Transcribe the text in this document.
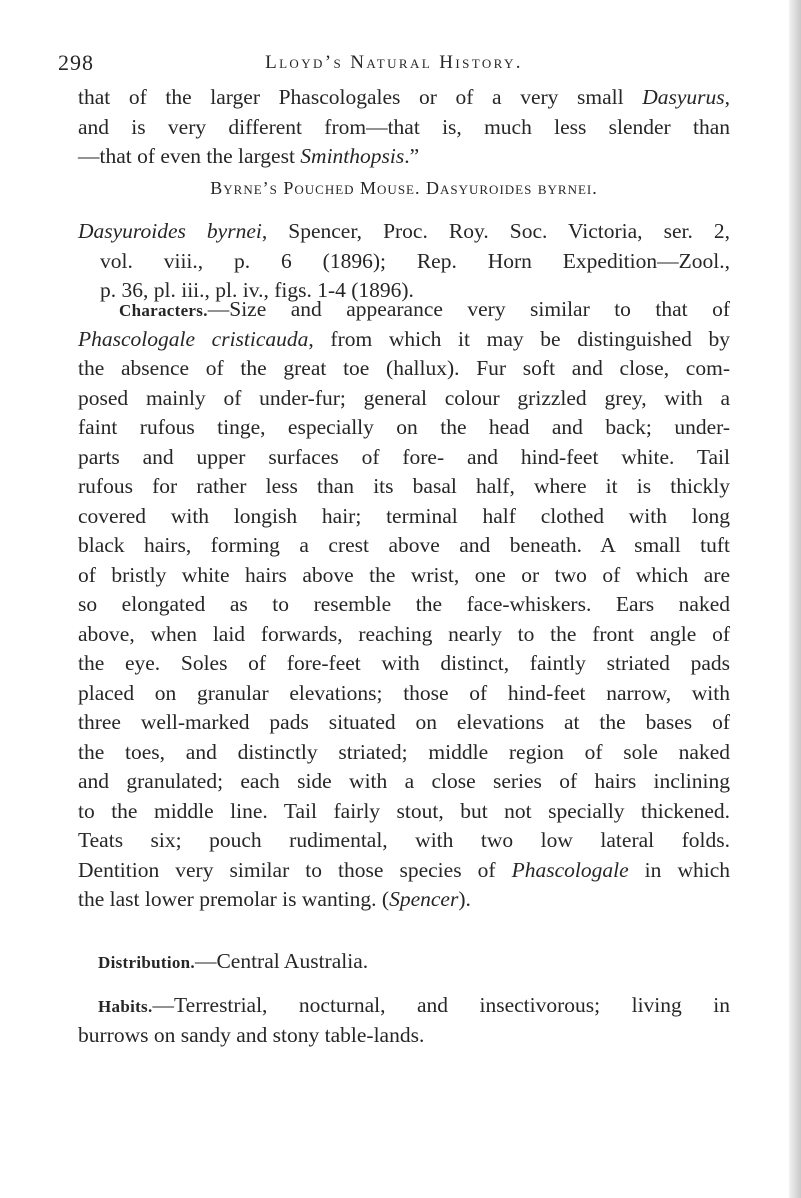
298	Lloyd’s Natural History.
that of the larger Phascologales or of a very small Dasyurus,
and is very different from—that is, much less slender than
—that of even the largest Sminthopsis.”
Byrne’s Pouched Mouse. Dasyuroides byrnei.
Dasyuroides byrnei, Spencer, Proc. Roy. Soc. Victoria, ser. 2,
vol. viii., p. 6 (1896); Rep. Horn Expedition—Zool.,
p. 36, pl. iii., pl. iv., figs. 1-4 (1896).
Characters.—Size and appearance very similar to that of
Phascologale cristicauda, from which it may be distinguished by
the absence of the great toe (hallux). Fur soft and close, com-
posed mainly of under-fur; general colour grizzled grey, with a
faint rufous tinge, especially on the head and back; under-
parts and upper surfaces of fore- and hind-feet white. Tail
rufous for rather less than its basal half, where it is thickly
covered with longish hair; terminal half clothed with long
black hairs, forming a crest above and beneath. A small tuft
of bristly white hairs above the wrist, one or two of which are
so elongated as to resemble the face-whiskers. Ears naked
above, when laid forwards, reaching nearly to the front angle of
the eye. Soles of fore-feet with distinct, faintly striated pads
placed on granular elevations; those of hind-feet narrow, with
three well-marked pads situated on elevations at the bases of
the toes, and distinctly striated; middle region of sole naked
and granulated; each side with a close series of hairs inclining
to the middle line. Tail fairly stout, but not specially thickened.
Teats six; pouch rudimental, with two low lateral folds.
Dentition very similar to those species of Phascologale in which
the last lower premolar is wanting. (Spencer).
Distribution.—Central Australia.
Habits.—Terrestrial, nocturnal, and insectivorous; living in
burrows on sandy and stony table-lands.
